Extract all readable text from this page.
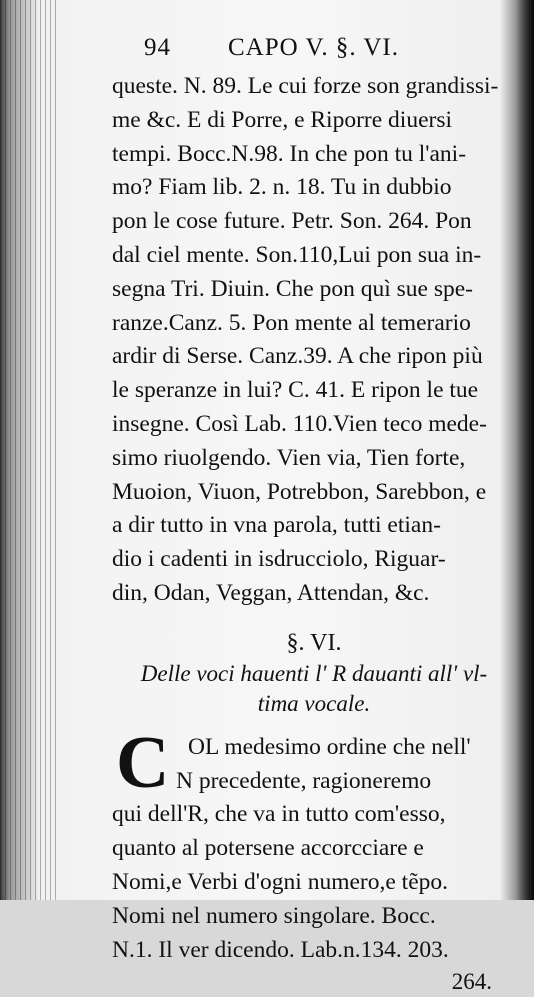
94 CAPO V. §. VI.
queste. N. 89. Le cui forze son grandissi-
me &c. E di Porre, e Riporre diuersi
tempi. Bocc.N.98. In che pon tu l'ani-
mo? Fiam lib. 2. n. 18. Tu in dubbio
pon le cose future. Petr. Son. 264. Pon
dal ciel mente. Son.110,Lui pon sua in-
segna Tri. Diuin. Che pon quì sue spe-
ranze.Canz. 5. Pon mente al temerario
ardir di Serse. Canz.39. A che ripon più
le speranze in lui? C. 41. E ripon le tue
insegne. Così Lab. 110.Vien teco mede-
simo riuolgendo. Vien via, Tien forte,
Muoion, Viuon, Potrebbon, Sarebbon, e
a dir tutto in vna parola, tutti etian-
dio i cadenti in isdrucciolo, Riguar-
din, Odan, Veggan, Attendan, &c.
§. VI.
Delle voci hauenti l' R dauanti all' vl-
tima vocale.
C OL medesimo ordine che nell'
N precedente, ragioneremo
qui dell'R, che va in tutto com'esso,
quanto al potersene accorcciare e
Nomi,e Verbi d'ogni numero,e tẽpo.
Nomi nel numero singolare. Bocc.
N.1. Il ver dicendo. Lab.n.134. 203.
264.
